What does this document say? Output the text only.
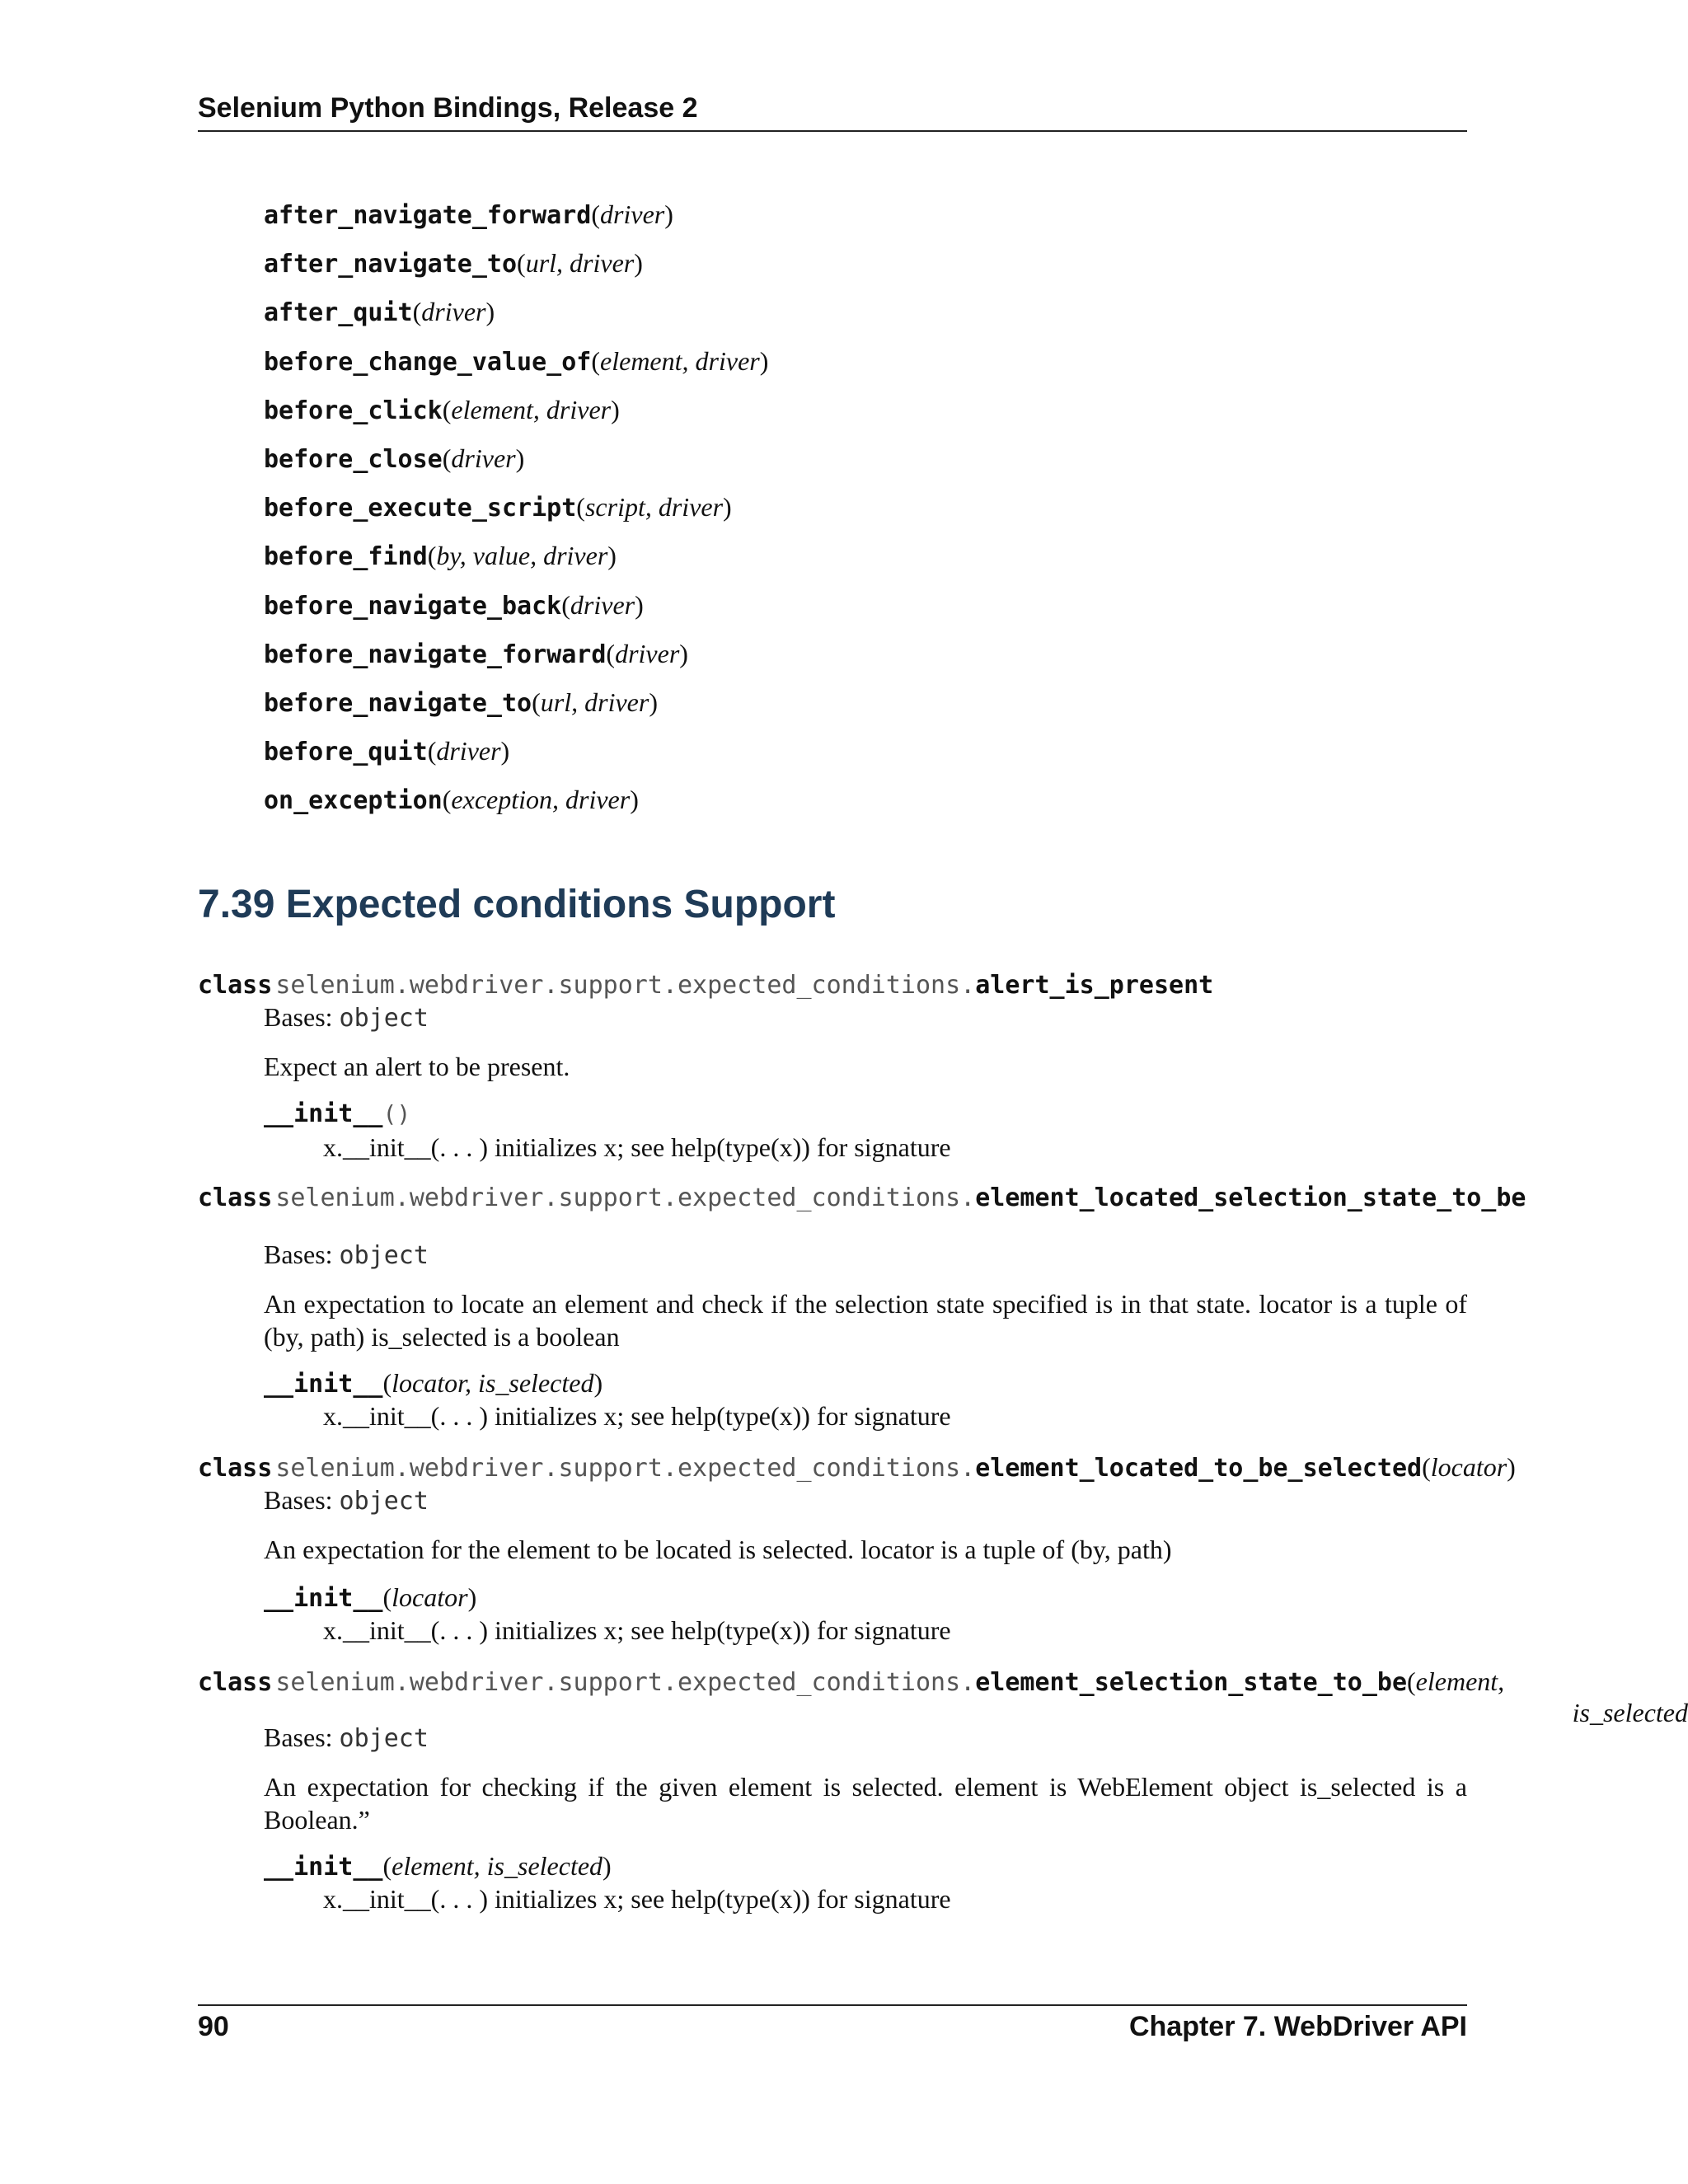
Selenium Python Bindings, Release 2
after_navigate_forward(driver)
after_navigate_to(url, driver)
after_quit(driver)
before_change_value_of(element, driver)
before_click(element, driver)
before_close(driver)
before_execute_script(script, driver)
before_find(by, value, driver)
before_navigate_back(driver)
before_navigate_forward(driver)
before_navigate_to(url, driver)
before_quit(driver)
on_exception(exception, driver)
7.39 Expected conditions Support
class selenium.webdriver.support.expected_conditions.alert_is_present
Bases: object
Expect an alert to be present.
__init__()
x.__init__(. . . ) initializes x; see help(type(x)) for signature
class selenium.webdriver.support.expected_conditions.element_located_selection_state_to_be
Bases: object
An expectation to locate an element and check if the selection state specified is in that state. locator is a tuple of (by, path) is_selected is a boolean
__init__(locator, is_selected)
x.__init__(. . . ) initializes x; see help(type(x)) for signature
class selenium.webdriver.support.expected_conditions.element_located_to_be_selected(locator)
Bases: object
An expectation for the element to be located is selected. locator is a tuple of (by, path)
__init__(locator)
x.__init__(. . . ) initializes x; see help(type(x)) for signature
class selenium.webdriver.support.expected_conditions.element_selection_state_to_be(element,
is_selected
Bases: object
An expectation for checking if the given element is selected. element is WebElement object is_selected is a Boolean.”
__init__(element, is_selected)
x.__init__(. . . ) initializes x; see help(type(x)) for signature
90	Chapter 7. WebDriver API
